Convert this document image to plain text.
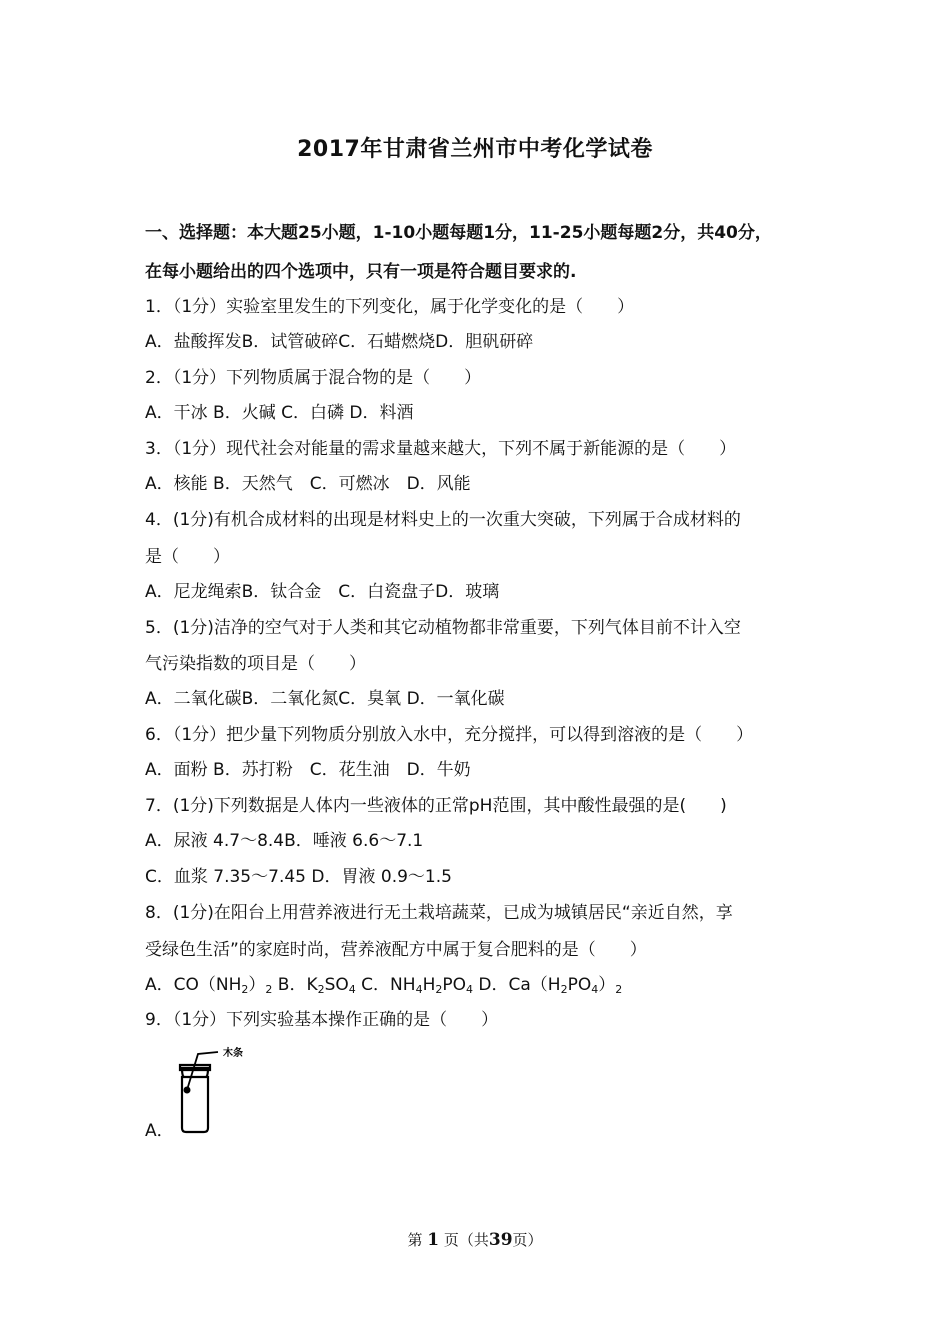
2017年甘肃省兰州市中考化学试卷
一、选择题：本大题25小题，1-10小题每题1分，11-25小题每题2分，共40分，
在每小题给出的四个选项中，只有一项是符合题目要求的.
1．（1分）实验室里发生的下列变化，属于化学变化的是（　　）
A．盐酸挥发B．试管破碎C．石蜡燃烧D．胆矾研碎
2．（1分）下列物质属于混合物的是（　　）
A．干冰 B．火碱 C．白磷 D．料酒
3．（1分）现代社会对能量的需求量越来越大，下列不属于新能源的是（　　）
A．核能 B．天然气　C．可燃冰　D．风能
4．(1分)有机合成材料的出现是材料史上的一次重大突破，下列属于合成材料的
是（　　）
A．尼龙绳索B．钛合金　C．白瓷盘子D．玻璃
5．(1分)洁净的空气对于人类和其它动植物都非常重要，下列气体目前不计入空
气污染指数的项目是（　　）
A．二氧化碳B．二氧化氮C．臭氧 D．一氧化碳
6．（1分）把少量下列物质分别放入水中，充分搅拌，可以得到溶液的是（　　）
A．面粉 B．苏打粉　C．花生油　D．牛奶
7．(1分)下列数据是人体内一些液体的正常pH范围，其中酸性最强的是(　　)
A．尿液 4.7～8.4B．唾液 6.6～7.1
C．血浆 7.35～7.45 D．胃液 0.9～1.5
8．(1分)在阳台上用营养液进行无土栽培蔬菜，已成为城镇居民“亲近自然，享
受绿色生活”的家庭时尚，营养液配方中属于复合肥料的是（　　）
A．$CO(NH_2)_2$ B．$K_2SO_4$ C．$NH_4H_2PO_4$ D．$Ca(H_2PO_4)_2$
9．（1分）下列实验基本操作正确的是（　　）
木条
A．
第 1 页（共39页）
